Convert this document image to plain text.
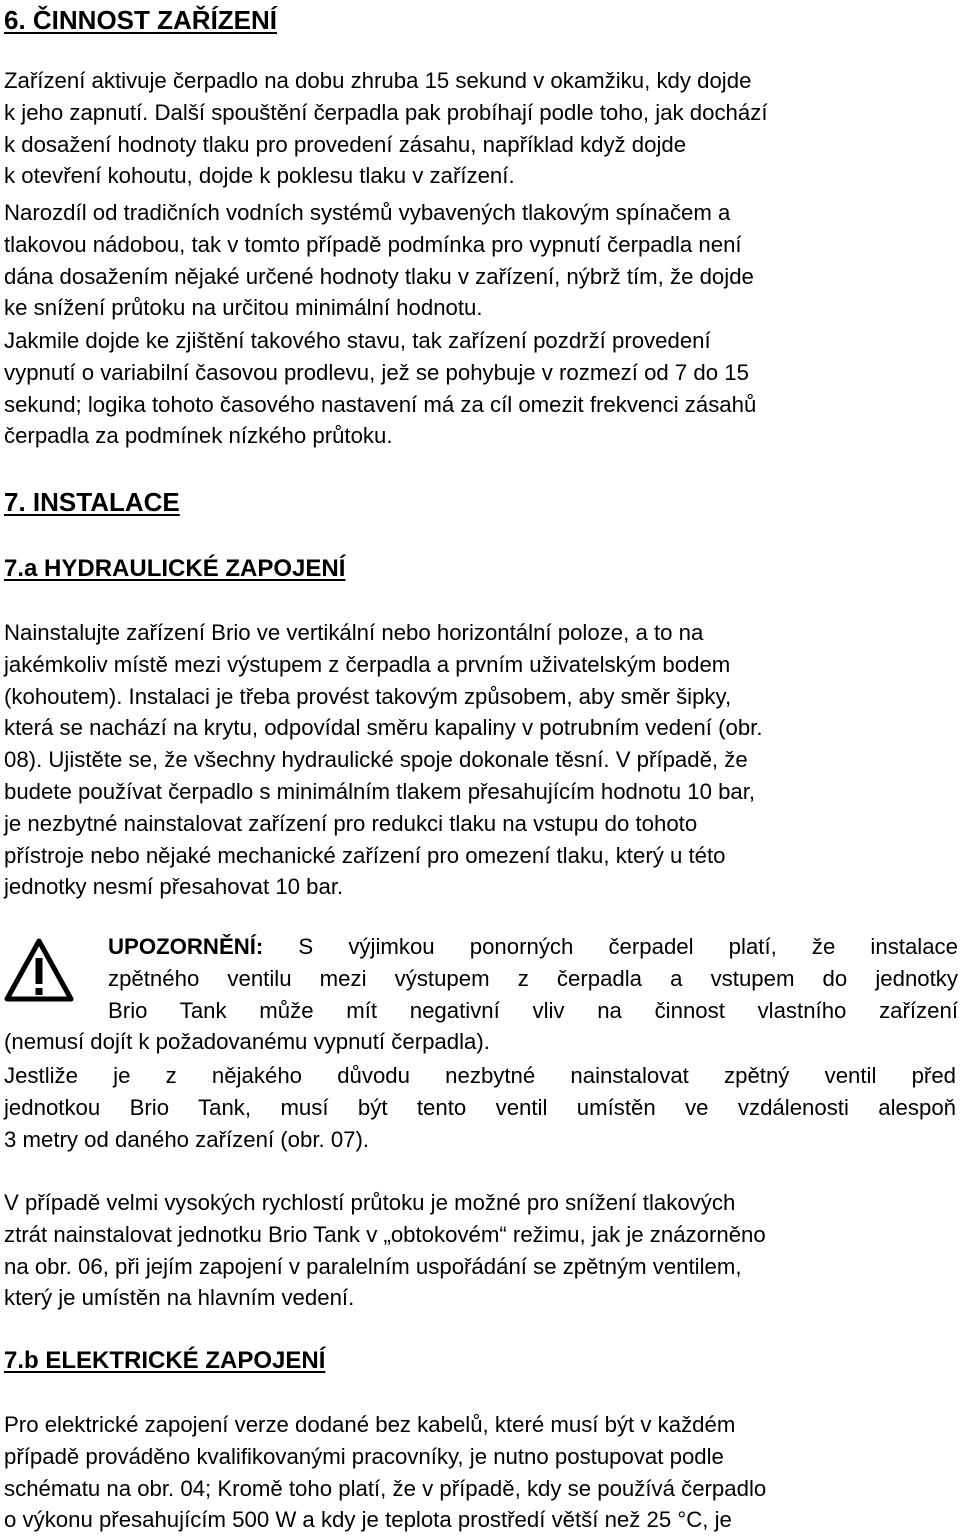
6. ČINNOST ZAŘÍZENÍ
Zařízení aktivuje čerpadlo na dobu zhruba 15 sekund v okamžiku, kdy dojde
k jeho zapnutí. Další spouštění čerpadla pak probíhají podle toho, jak dochází
k dosažení hodnoty tlaku pro provedení zásahu, například když dojde
k otevření kohoutu, dojde k poklesu tlaku v zařízení.
Narozdíl od tradičních vodních systémů vybavených tlakovým spínačem a
tlakovou nádobou, tak v tomto případě podmínka pro vypnutí čerpadla není
dána dosažením nějaké určené hodnoty tlaku v zařízení, nýbrž tím, že dojde
ke snížení průtoku na určitou minimální hodnotu.
Jakmile dojde ke zjištění takového stavu, tak zařízení pozdrží provedení
vypnutí o variabilní časovou prodlevu, jež se pohybuje v rozmezí od 7 do 15
sekund; logika tohoto časového nastavení má za cíl omezit frekvenci zásahů
čerpadla za podmínek nízkého průtoku.
7. INSTALACE
7.a HYDRAULICKÉ ZAPOJENÍ
Nainstalujte zařízení Brio ve vertikální nebo horizontální poloze, a to na
jakémkoliv místě mezi výstupem z čerpadla a prvním uživatelským bodem
(kohoutem). Instalaci je třeba provést takovým způsobem, aby směr šipky,
která se nachází na krytu, odpovídal směru kapaliny v potrubním vedení (obr.
08). Ujistěte se, že všechny hydraulické spoje dokonale těsní. V případě, že
budete používat čerpadlo s minimálním tlakem přesahujícím hodnotu 10 bar,
je nezbytné nainstalovat zařízení pro redukci tlaku na vstupu do tohoto
přístroje nebo nějaké mechanické zařízení pro omezení tlaku, který u této
jednotky nesmí přesahovat 10 bar.
UPOZORNĚNÍ: S výjimkou ponorných čerpadel platí, že instalace
zpětného ventilu mezi výstupem z čerpadla a vstupem do jednotky
Brio Tank může mít negativní vliv na činnost vlastního zařízení
(nemusí dojít k požadovanému vypnutí čerpadla).
Jestliže je z nějakého důvodu nezbytné nainstalovat zpětný ventil před
jednotkou Brio Tank, musí být tento ventil umístěn ve vzdálenosti alespoň
3 metry od daného zařízení (obr. 07).
V případě velmi vysokých rychlostí průtoku je možné pro snížení tlakových
ztrát nainstalovat jednotku Brio Tank v „obtokovém“ režimu, jak je znázorněno
na obr. 06, při jejím zapojení v paralelním uspořádání se zpětným ventilem,
který je umístěn na hlavním vedení.
7.b ELEKTRICKÉ ZAPOJENÍ
Pro elektrické zapojení verze dodané bez kabelů, které musí být v každém
případě prováděno kvalifikovanými pracovníky, je nutno postupovat podle
schématu na obr. 04; Kromě toho platí, že v případě, kdy se používá čerpadlo
o výkonu přesahujícím 500 W a kdy je teplota prostředí větší než 25 °C, je
